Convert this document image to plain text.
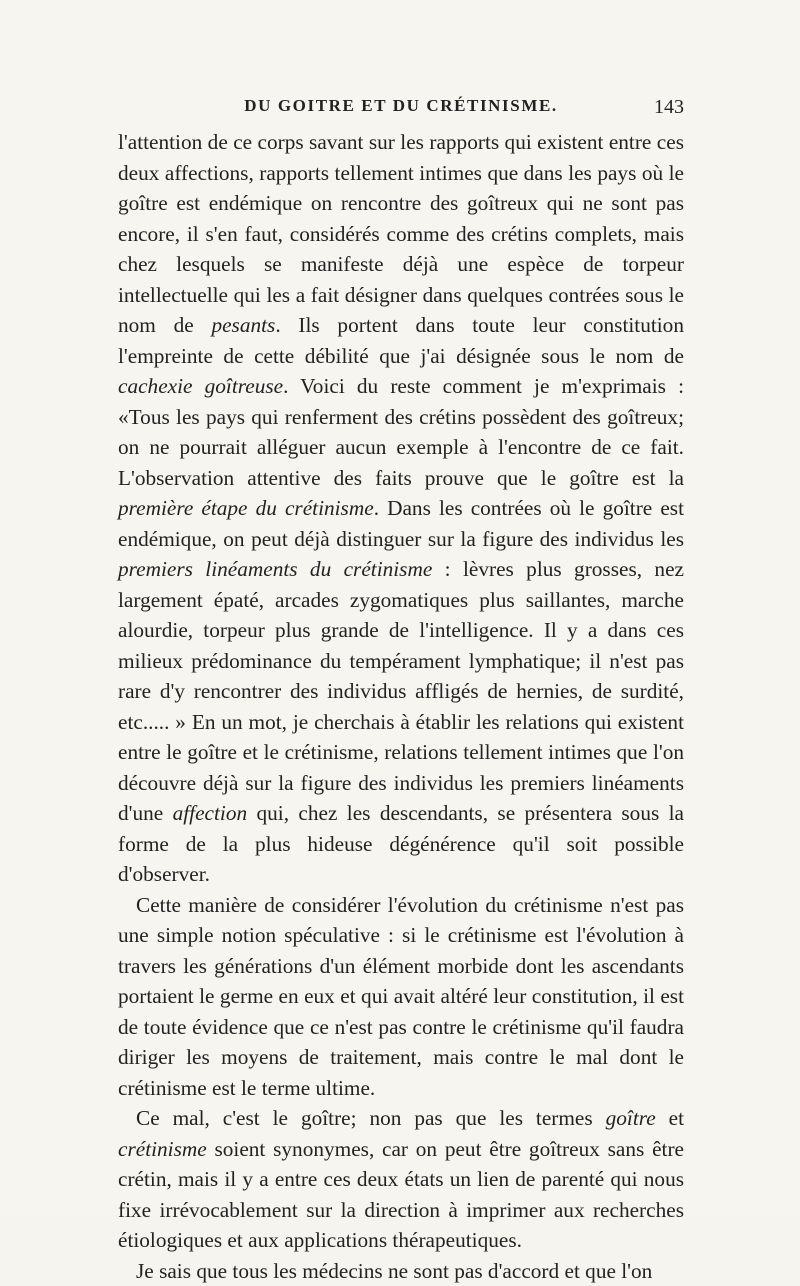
DU GOITRE ET DU CRÉTINISME.	143

l'attention de ce corps savant sur les rapports qui existent entre ces deux affections, rapports tellement intimes que dans les pays où le goître est endémique on rencontre des goîtreux qui ne sont pas encore, il s'en faut, considérés comme des crétins complets, mais chez lesquels se manifeste déjà une espèce de torpeur intellectuelle qui les a fait désigner dans quelques contrées sous le nom de pesants. Ils portent dans toute leur constitution l'empreinte de cette débilité que j'ai désignée sous le nom de cachexie goîtreuse. Voici du reste comment je m'exprimais : «Tous les pays qui renferment des crétins possèdent des goîtreux; on ne pourrait alléguer aucun exemple à l'encontre de ce fait. L'observation attentive des faits prouve que le goître est la première étape du crétinisme. Dans les contrées où le goître est endémique, on peut déjà distinguer sur la figure des individus les premiers linéaments du crétinisme : lèvres plus grosses, nez largement épaté, arcades zygomatiques plus saillantes, marche alourdie, torpeur plus grande de l'intelligence. Il y a dans ces milieux prédominance du tempérament lymphatique; il n'est pas rare d'y rencontrer des individus affligés de hernies, de surdité, etc..... » En un mot, je cherchais à établir les relations qui existent entre le goître et le crétinisme, relations tellement intimes que l'on découvre déjà sur la figure des individus les premiers linéaments d'une affection qui, chez les descendants, se présentera sous la forme de la plus hideuse dégénérence qu'il soit possible d'observer.

Cette manière de considérer l'évolution du crétinisme n'est pas une simple notion spéculative : si le crétinisme est l'évolution à travers les générations d'un élément morbide dont les ascendants portaient le germe en eux et qui avait altéré leur constitution, il est de toute évidence que ce n'est pas contre le crétinisme qu'il faudra diriger les moyens de traitement, mais contre le mal dont le crétinisme est le terme ultime.

Ce mal, c'est le goître; non pas que les termes goître et crétinisme soient synonymes, car on peut être goîtreux sans être crétin, mais il y a entre ces deux états un lien de parenté qui nous fixe irrévocablement sur la direction à imprimer aux recherches étiologiques et aux applications thérapeutiques.

Je sais que tous les médecins ne sont pas d'accord et que l'on
